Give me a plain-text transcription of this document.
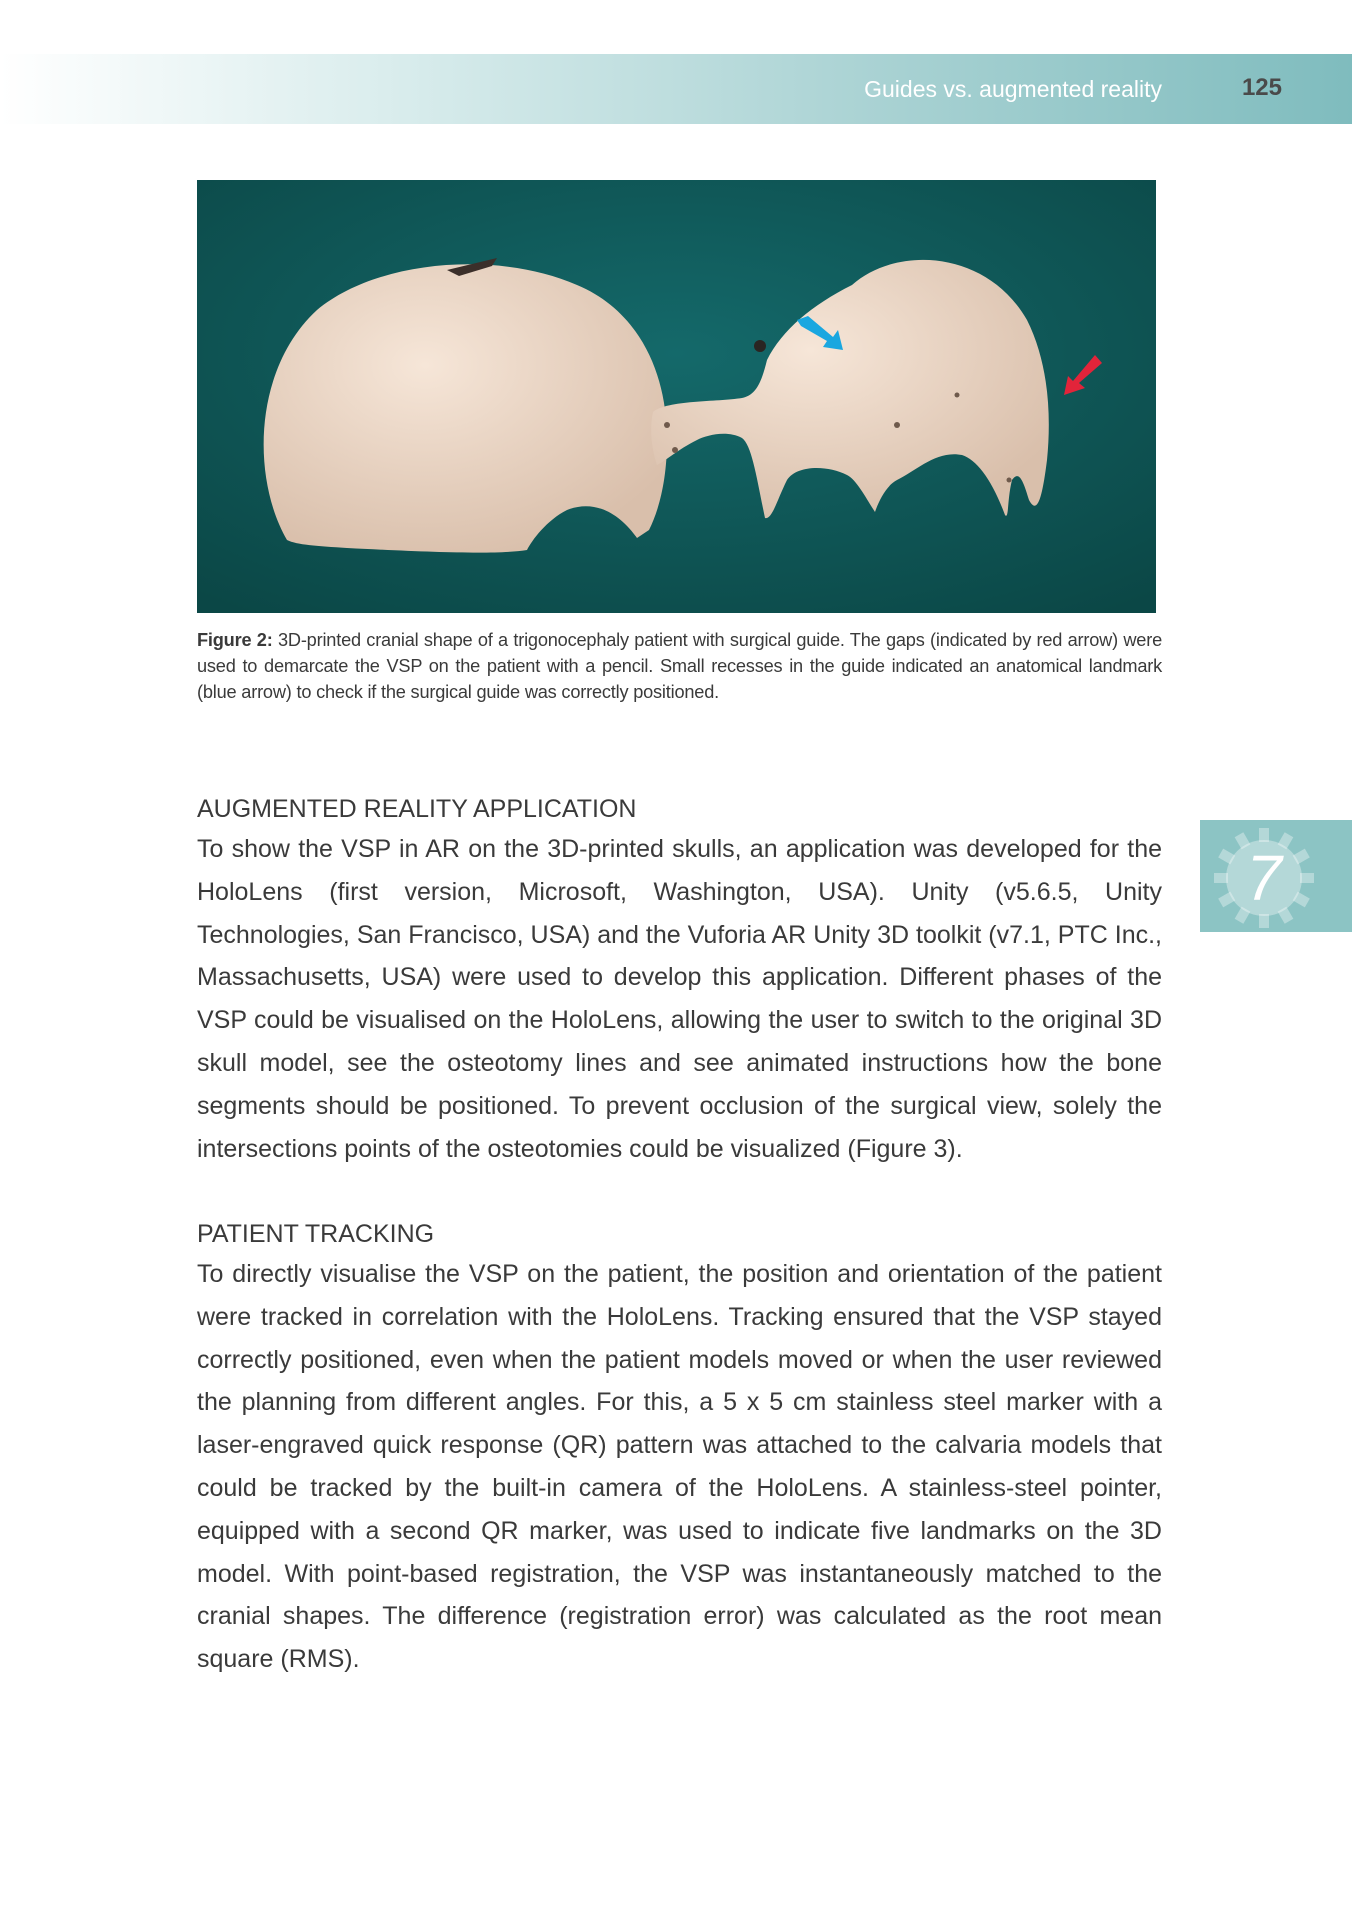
Guides vs. augmented reality	125
Figure 2: 3D-printed cranial shape of a trigonocephaly patient with surgical guide. The gaps (indicated by red arrow) were used to demarcate the VSP on the patient with a pencil. Small recesses in the guide indicated an anatomical landmark (blue arrow) to check if the surgical guide was correctly positioned.
AUGMENTED REALITY APPLICATION

To show the VSP in AR on the 3D-printed skulls, an application was developed for the HoloLens (first version, Microsoft, Washington, USA). Unity (v5.6.5, Unity Technologies, San Francisco, USA) and the Vuforia AR Unity 3D toolkit (v7.1, PTC Inc., Massachusetts, USA) were used to develop this application. Different phases of the VSP could be visualised on the HoloLens, allowing the user to switch to the original 3D skull model, see the osteotomy lines and see animated instructions how the bone segments should be positioned. To prevent occlusion of the surgical view, solely the intersections points of the osteotomies could be visualized (Figure 3).

PATIENT TRACKING

To directly visualise the VSP on the patient, the position and orientation of the patient were tracked in correlation with the HoloLens. Tracking ensured that the VSP stayed correctly positioned, even when the patient models moved or when the user reviewed the planning from different angles. For this, a 5 x 5 cm stainless steel marker with a laser-engraved quick response (QR) pattern was attached to the calvaria models that could be tracked by the built-in camera of the HoloLens. A stainless-steel pointer, equipped with a second QR marker, was used to indicate five landmarks on the 3D model. With point-based registration, the VSP was instantaneously matched to the cranial shapes. The difference (registration error) was calculated as the root mean square (RMS).

7
